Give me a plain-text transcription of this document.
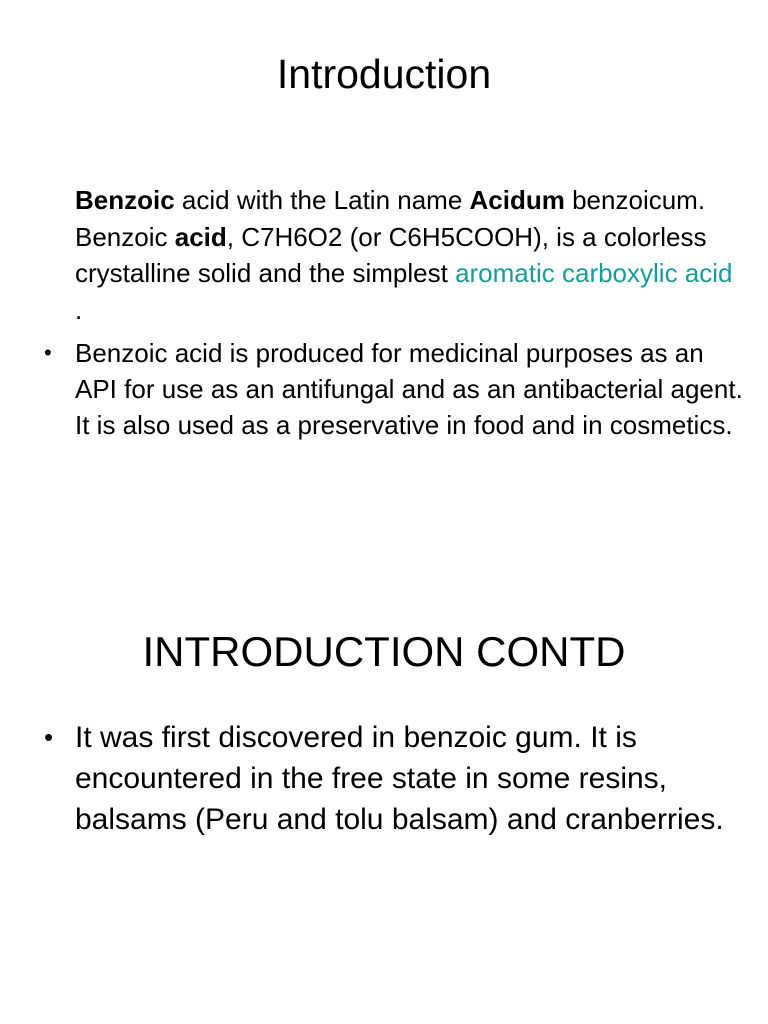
Introduction

Benzoic acid with the Latin name Acidum benzoicum. Benzoic acid, C7H6O2 (or C6H5COOH), is a colorless crystalline solid and the simplest aromatic carboxylic acid .

• Benzoic acid is produced for medicinal purposes as an API for use as an antifungal and as an antibacterial agent. It is also used as a preservative in food and in cosmetics.

INTRODUCTION CONTD
• It was first discovered in benzoic gum. It is encountered in the free state in some resins, balsams (Peru and tolu balsam) and cranberries.
